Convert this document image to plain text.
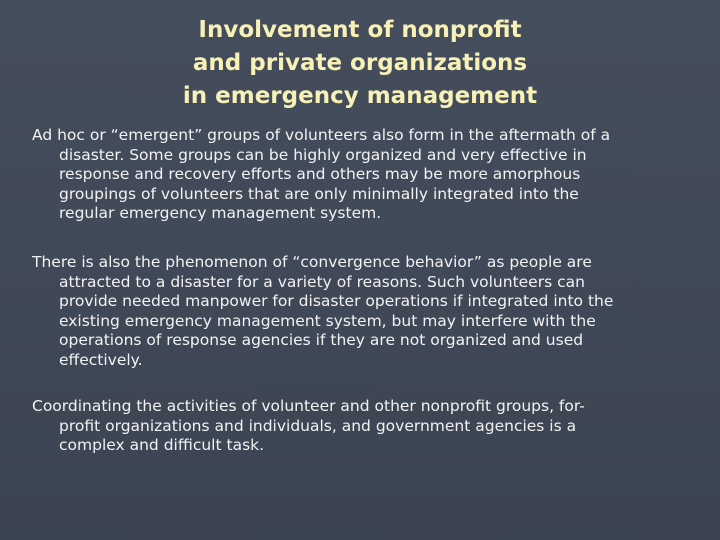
Involvement of nonprofit
and private organizations
in emergency management
Ad hoc or “emergent” groups of volunteers also form in the aftermath of a
disaster. Some groups can be highly organized and very effective in
response and recovery efforts and others may be more amorphous
groupings of volunteers that are only minimally integrated into the
regular emergency management system.
There is also the phenomenon of “convergence behavior” as people are
attracted to a disaster for a variety of reasons. Such volunteers can
provide needed manpower for disaster operations if integrated into the
existing emergency management system, but may interfere with the
operations of response agencies if they are not organized and used
effectively.
Coordinating the activities of volunteer and other nonprofit groups, for-
profit organizations and individuals, and government agencies is a
complex and difficult task.
